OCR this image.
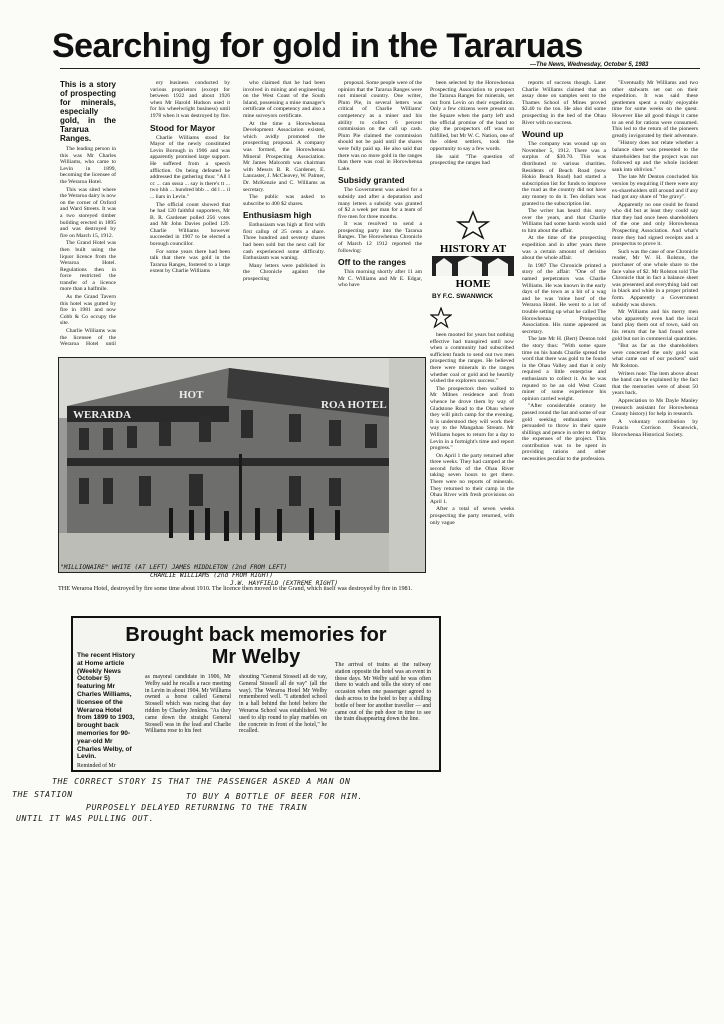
Searching for gold in the Tararuas
—The News, Wednesday, October 5, 1983
This is a story of prospecting for minerals, especially gold, in the Tararua Ranges.

The leading person in this was Mr Charles Williams, who came to Levin in 1899, becoming the licensee of the Weraroa Hotel.

This was sited where the Weraroa dairy is now on the corner of Oxford and Ward Streets. It was a two storeyed timber building erected in 1895 and was destroyed by fire on March 15, 1912.

The Grand Hotel was then built using the liquor licence from the Weraroa Hotel. Regulations then in force restricted the transfer of a licence more than a halfmile.

As the Grand Tavern this hotel was gutted by fire in 1981 and now Cobb & Co occupy the site.

Charlie Williams was the licensee of the Weraroa Hotel until

ery business conducted by various proprietors (except for between 1922 and about 1926 when Mr Harold Hudson used it for his wheelwright business) until 1978 when it was destroyed by fire.

Stood for Mayor

Charlie Williams stood for Mayor of the newly constituted Levin Borough in 1906 and was apparently promised large support. He suffered from a speech affliction. On being defeated he addressed the gathering thus: "All I cc ... can ssssa ... say is there's tt ... two hhh ... hundred bbb ... dd l ... il ... liars in Levin."

The official count showed that he had 120 faithful supporters, Mr B. R. Gardener polled 256 votes and Mr John Davies polled 129. Charlie Williams however succeeded in 1907 to be elected a borough councillor.

For some years there had been talk that there was gold in the Tararua Ranges, fostered to a large extent by Charlie Williams

who claimed that he had been involved in mining and engineering on the West Coast of the South Island, possessing a mine manager's certificate of competency and also a mine surveyors certificate.

At the time a Horowhenua Development Association existed, which avidly promoted the prospecting proposal. A company was formed, the Horowhenua Mineral Prospecting Association. Mr James Malcomb was chairman with Messrs B. R. Gardener, E. Lancaster, J. McCleavey, W. Palmer, Dr. McKenzie and C. Williams as secretary.

The public was asked to subscribe to 400 $2 shares.

Enthusiasm high

Enthusiasm was high at first with first callup of 25 cents a share. Three hundred and seventy shares had been sold but the next call for cash experienced some difficulty. Enthusiasm was waning.

Many letters were published in the Chronicle against the prospecting

proposal. Some people were of the opinion that the Tararua Ranges were not mineral country. One writer, Plum Pie, in several letters was critical of Charlie Williams' competency as a miner and his ability to collect 6 percent commission on the call up cash. Plum Pie claimed the commission should not be paid until the shares were fully paid up. He also said that there was no more gold in the ranges than there was coal in Horowhenua Lake.

Subsidy granted

The Government was asked for a subsidy and after a deputation and many letters a subsidy was granted of $2 a week per man for a team of five men for three months.

It was resolved to send a prospecting party into the Tararua Ranges. The Horowhenua Chronicle of March 12 1912 reported the following:

Off to the ranges

This morning shortly after 11 am Mr C. Williams and Mr E. Edgar, who have

been selected by the Horowhenua Prospecting Association to prospect the Tararua Ranges for minerals, set out from Levin on their expedition. Only a few citizens were present on the Square when the party left and the official promise of the band to play the prospectors off was not fulfilled, but Mr W. C. Nation, one of the oldest settlers, took the opportunity to say a few words.

He said "The question of prospecting the ranges had

HISTORY AT
HOME
BY F.C. SWANWICK

been mooted for years but nothing effective had transpired until now when a community had subscribed sufficient funds to send out two men prospecting the ranges. He believed there were minerals in the ranges whether coal or gold and he heartily wished the explorers success."

The prospectors then walked to Mr Milnes residence and from whence he drove them by way of Gladstone Road to the Ohau where they will pitch camp for the evening. It is understood they will work their way to the Mangahao Stream. Mr Williams hopes to return for a day to Levin in a fortnight's time and report progress."

On April 1 the party returned after three weeks. They had camped at the second forks of the Ohau River taking seven hours to get there. There were no reports of minerals. They returned to their camp in the Ohau River with fresh provisions on April 1.

After a total of seven weeks prospecting the party returned, with only vague

reports of success though. Later Charlie Williams claimed that an assay done on samples sent to the Thames School of Mines proved $2.40 to the ton. He also did some prospecting in the bed of the Ohau River with no success.

Wound up

The company was wound up on November 5, 1912. There was a surplus of $30.70. This was distributed to various charities. Residents of Beach Road (now Hokio Beach Road) had started a subscription list for funds to improve the road as the country did not have any money to do it. Ten dollars was granted to the subscription list.

The writer has heard this story over the years, and that Charlie Williams had some harsh words said to him about the affair.

At the time of the prospecting expedition and in after years there was a certain amount of derision about the whole affair.

In 1987 The Chronicle printed a story of the affair: "One of the named perpetrators was Charlie Williams. He was known in the early days of the town as a bit of a wag and he was 'mine host' of the Weraroa Hotel. He went to a lot of trouble setting up what he called The Horowhenua Prospecting Association. His name appeared as secretary.

The late Mr H. (Bert) Denton told the story thus: "With some spare time on his hands Charlie spread the word that there was gold to be found in the Ohau Valley and that it only required a little enterprise and enthusiasm to collect it. As he was reputed to be an old West Coast miner of some experience his opinion carried weight.

"After considerable oratory he passed round the hat and some of our gold seeking enthusiasts were persuaded to throw in their spare shillings and pence in order to defray the expenses of the project. This contribution was to be spent in providing rations and other necessities peculiar to the profession.

"Eventually Mr Williams and two other stalwarts set out on their expedition. It was said these gentlemen spent a really enjoyable time for some weeks on the quest. However like all good things it came to an end for rations were consumed. This led to the return of the pioneers greatly invigorated by their adventure.

"History does not relate whether a balance sheet was presented to the shareholders but the project was not followed up and the whole incident sank into oblivion."

The late Mr Denton concluded his version by enquiring if there were any ex-shareholders still around and if any had got any share of "the gravy".

Apparently no one could be found who did but at least they could say that they had once been shareholders of the one and only Horowhenua Prospecting Association. And what's more they had signed receipts and a prospectus to prove it.

Such was the case of one Chronicle reader, Mr W. H. Rolston, the purchaser of one whole share to the face value of $2. Mr Rolston told The Chronicle that in fact a balance sheet was presented and everything laid out in black and white in a proper printed form. Apparently a Government subsidy was shown.

Mr Williams and his merry men who apparently even had the local band play them out of town, said on his return that he had found some gold but not in commercial quantities.

"But as far as the shareholders were concerned the only gold was what came out of our pockets" said Mr Rolston.

Writers note: The item above about the band can be explained by the fact that the memories were of about 50 years back.

Appreciation to Ms Dayle Manley (research assistant for Horowhenua County history) for help in research.

A voluntary contribution by Francis Corrison Swanwick, Horowhenua Historical Society.

WERARDA
HOT
ROA HOTEL
"MILLIONAIRE" WHITE (AT LEFT) JAMES MIDDLETON (2nd FROM LEFT)
CHARLIE WILLIAMS (2nd FROM RIGHT)
J.W. HAYFIELD (EXTREME RIGHT)
THE Weraroa Hotel, destroyed by fire some time about 1910. The licence then moved to the Grand, which itself was destroyed by fire in 1981.
Brought back memories for
Mr Welby
The recent History at Home article (Weekly News October 5) featuring Mr Charles Williams, licensee of the Weraroa Hotel from 1899 to 1903, brought back memories for 90-year-old Mr Charles Welby, of Levin.
Reminded of Mr

as mayoral candidate in 1906, Mr Welby said he recalls a race meeting in Levin in about 1904. Mr Williams owned a horse called General Stossell which was racing that day ridden by Charley Jenkins. "As they came down the straight General Stossell was in the lead and Charlie Williams rose to his feet

shouting "General Stossell all de vay, General Stossell all de vay" (all the way). The Weraroa Hotel Mr Welby remembered well. "I attended school in a hall behind the hotel before the Weraroa School was established. We used to slip round to play marbles on the concrete in front of the hotel," he recalled.

The arrival of trains at the railway station opposite the hotel was an event in those days. Mr Welby said he was often there to watch and tells the story of one occasion when one passenger agreed to dash across to the hotel to buy a shilling bottle of beer for another traveller — and came out of the pub door in time to see the train disappearing down the line.

THE CORRECT STORY IS THAT THE PASSENGER ASKED A MAN ON
THE STATION	TO BUY A BOTTLE OF BEER FOR HIM.
PURPOSELY DELAYED RETURNING TO THE TRAIN
UNTIL IT WAS PULLING OUT.
